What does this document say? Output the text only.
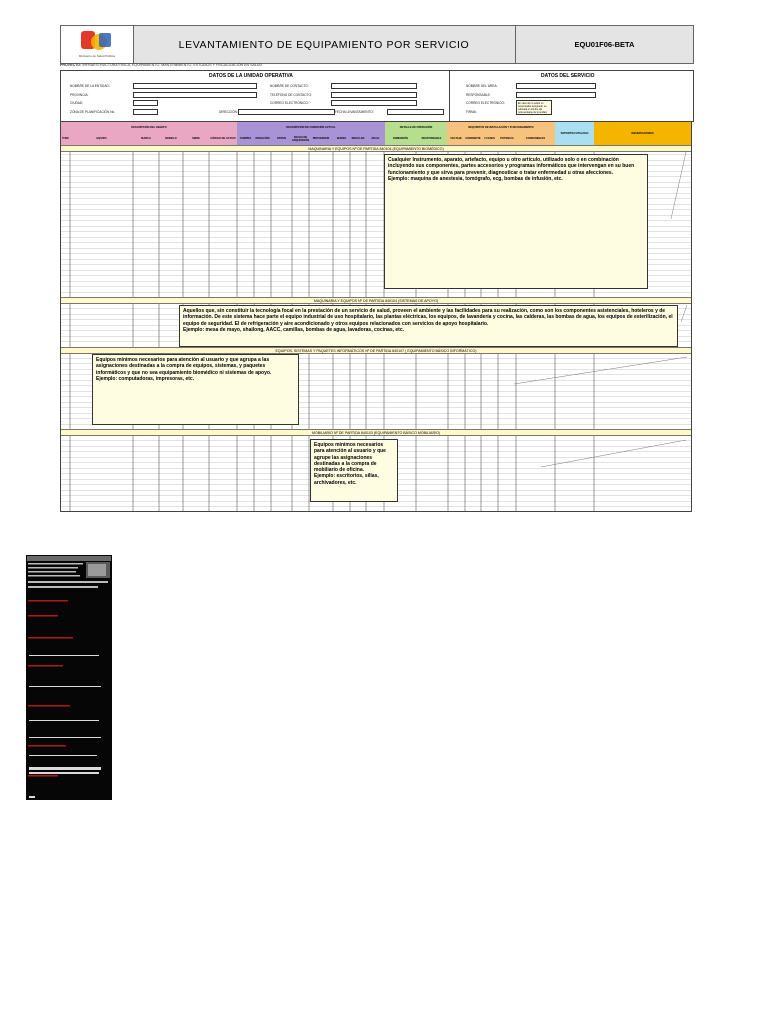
Ministerio de Salud Pública
LEVANTAMIENTO DE EQUIPAMIENTO POR SERVICIO	EQU01F06-BETA
PROYECTO: INFRAESTRUCTURA FÍSICA, EQUIPAMIENTO, MANTENIMIENTO, ESTUDIOS Y FISCALIZACIÓN EN SALUD
DATOS DE LA UNIDAD OPERATIVA	DATOS DEL SERVICIO
NOMBRE DE LA ENTIDAD:
PROVINCIA:
CIUDAD:
ZONA DE PLANIFICACIÓN No.	DIRECCIÓN:
NOMBRE DE CONTACTO:
TELÉFONO DE CONTACTO:
CORREO ELECTRÓNICO:
FECHA LEVANTAMIENTO:
NOMBRE DEL ÁREA:
RESPONSABLE:
CORREO ELECTRÓNICO:	En caso de no existir un responsable designado, se colocará el nombre del representante de la unidad.
FIRMA:
DESCRIPCIÓN DEL OBJETO	DESCRIPCIÓN DE CONDICIÓN ACTUAL	DETALLE DE OPERACIÓN	REQUISITOS DE INSTALACIÓN Y FUNCIONAMIENTO
SOPORTE/CATALOGO	OBSERVACIONES
ÍTEM	EQUIPO	MARCA	MODELO	SERIE	CÓDIGO DE ACTIVO	COMPRA	DONACIÓN	OTROS	FECHA DE ADQUISICIÓN	PROVEEDOR	BUENO	REGULAR	MALO	DIMENSIÓN	RESPONSABLE	VOLTAJE	CORRIENTE	# FASES	POTENCIA	CONSUMIBLES
MAQUINARIA Y EQUIPOS Nº DE PARTIDA 840104 (EQUIPAMIENTO BIOMÉDICO)
MAQUINARIA Y EQUIPOS Nº DE PARTIDA 840104 (SISTEMAS DE APOYO)
EQUIPOS, SISTEMAS Y PAQUETES INFORMÁTICOS Nº DE PARTIDA 840107 ( EQUIPAMIENTO BÁSICO INFORMÁTICO)
MOBILIARIO Nº DE PARTIDA 840103 (EQUIPAMIENTO BÁSICO MOBILIARIO)
Cualquier Instrumento, aparato, artefacto, equipo u otro artículo, utilizado solo o en combinación incluyendo sus componentes, partes accesorios y programas informáticos que intervengan en su buen funcionamiento y que sirva para prevenir, diagnosticar o tratar enfermedad u otras afecciones.
Ejemplo: maquina de anestesia, tomógrafo, ecg, bombas de infusión, etc.
Aquellos que, sin constituir la tecnología focal en la prestación de un servicio de salud, proveen el ambiente y las facilidades para su realización, como son los componentes asistenciales, hoteleros y de información. De este sistema hace parte el equipo industrial de uso hospitalario, las plantas eléctricas, los equipos, de lavandería y cocina, las calderas, las bombas de agua, los equipos de esterilización, el equipo de seguridad. El de refrigeración y aire acondicionado y otros equipos relacionados con servicios de apoyo hospitalario.
Ejemplo: mesa de mayo, shailong, AACC, camillas, bombas de agua, lavadoras, cocinas, etc.
Equipos mínimos necesarios para atención al usuario y que agrupa a las asignaciones destinadas a la compra de equipos, sistemas, y paquetes informáticos y que no sea equipamiento biomédico ni sistemas de apoyo.
Ejemplo: computadoras, impresoras, etc.
Equipos mínimos necesarios para atención al usuario y que agrupe las asignaciones destinadas a la compra de mobiliario de oficina.
Ejemplo: escritorios, sillas, archivadores, etc.
